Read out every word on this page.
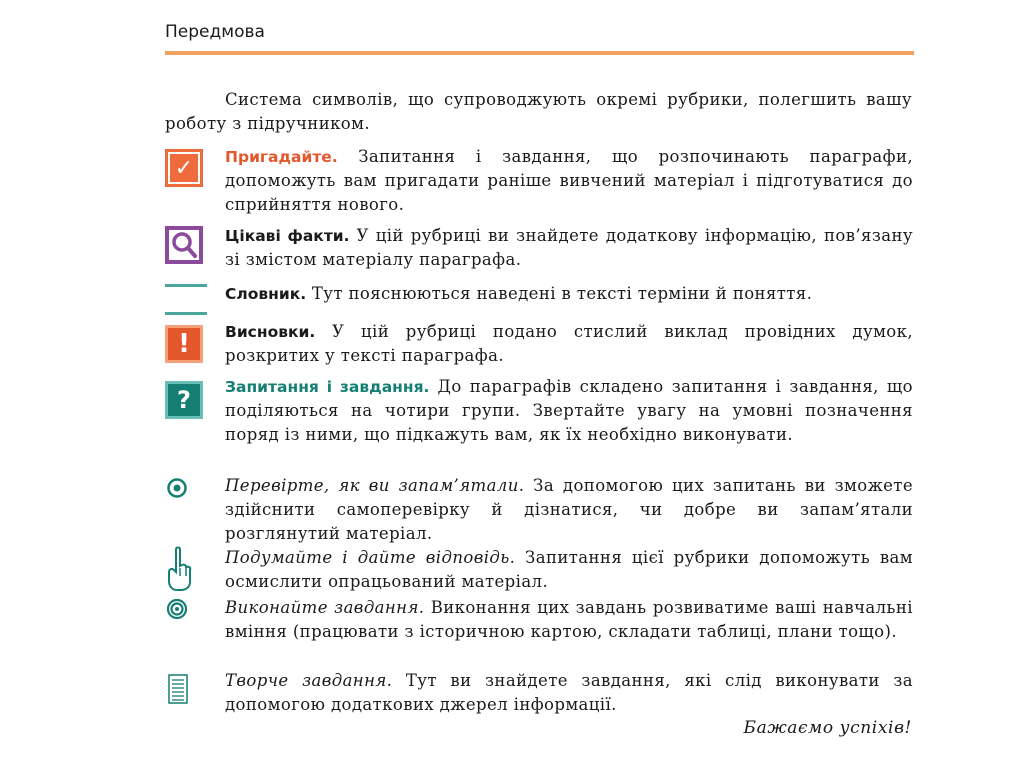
Передмова

Система символів, що супроводжують окремі рубрики, полегшить вашу роботу з підручником.

✓
!
?

Пригадайте. Запитання і завдання, що розпочинають параграфи, допоможуть вам пригадати раніше вивчений матеріал і підготуватися до сприйняття нового.

Цікаві факти. У цій рубриці ви знайдете додаткову інформацію, пов’язану зі змістом матеріалу параграфа.

Словник. Тут пояснюються наведені в тексті терміни й поняття.

Висновки. У цій рубриці подано стислий виклад провідних думок, розкритих у тексті параграфа.

Запитання і завдання. До параграфів складено запитання і завдання, що поділяються на чотири групи. Звертайте увагу на умовні позначення поряд із ними, що підкажуть вам, як їх необхідно виконувати.

Перевірте, як ви запам’ятали. За допомогою цих запитань ви зможете здійснити самоперевірку й дізнатися, чи добре ви запам’ятали розглянутий матеріал.

Подумайте і дайте відповідь. Запитання цієї рубрики допоможуть вам осмислити опрацьований матеріал.

Виконайте завдання. Виконання цих завдань розвиватиме ваші навчальні вміння (працювати з історичною картою, складати таблиці, плани тощо).

Творче завдання. Тут ви знайдете завдання, які слід виконувати за допомогою додаткових джерел інформації.

Бажаємо успіхів!
